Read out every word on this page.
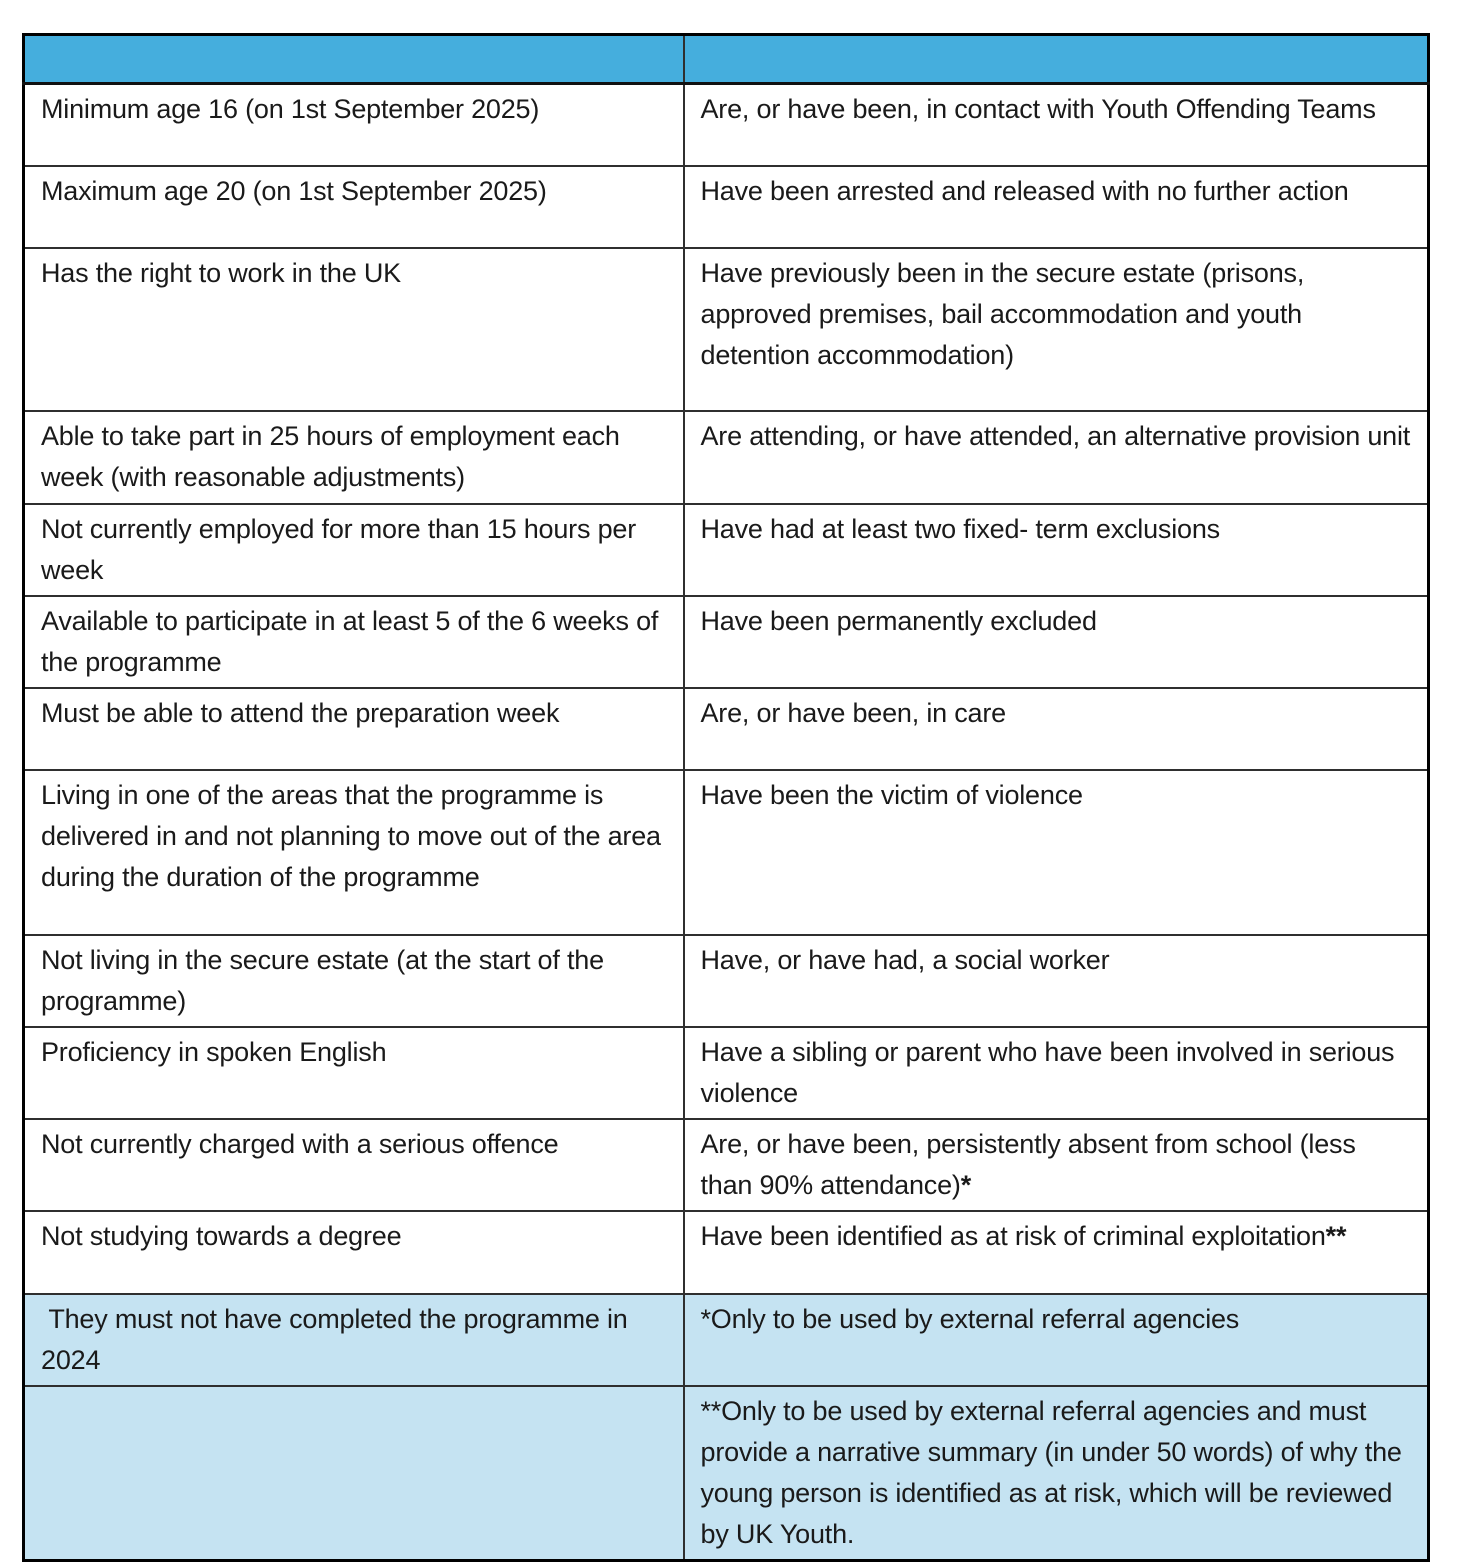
Minimum age 16 (on 1st September 2025)	Are, or have been, in contact with Youth Offending Teams
Maximum age 20 (on 1st September 2025)	Have been arrested and released with no further action
Has the right to work in the UK	Have previously been in the secure estate (prisons, approved premises, bail accommodation and youth  detention accommodation)
Able to take part in 25 hours of employment each week (with reasonable adjustments)	Are attending, or have attended, an alternative provision unit
Not currently employed for more than 15 hours per week	Have had at least two fixed- term exclusions
Available to participate in at least 5 of the 6 weeks of the programme	Have been permanently excluded
Must be able to attend the preparation week	Are, or have been, in care
Living in one of the areas that the programme is delivered in and not planning to move out of the area during the duration of the programme	Have been the victim of violence
Not living in the secure estate (at the start of the programme)	Have, or have had, a social worker
Proficiency in spoken English	Have a sibling or parent who have been involved in serious violence
Not currently charged with a serious offence	Are, or have been, persistently absent from school (less than 90% attendance)*
Not studying towards a degree	Have been identified as at risk of criminal exploitation**
They must not have completed the programme in 2024	*Only to be used by external referral agencies
	**Only to be used by external referral agencies and must provide a narrative summary (in under 50 words) of why the young person is identified as at risk, which will be reviewed by UK Youth.
